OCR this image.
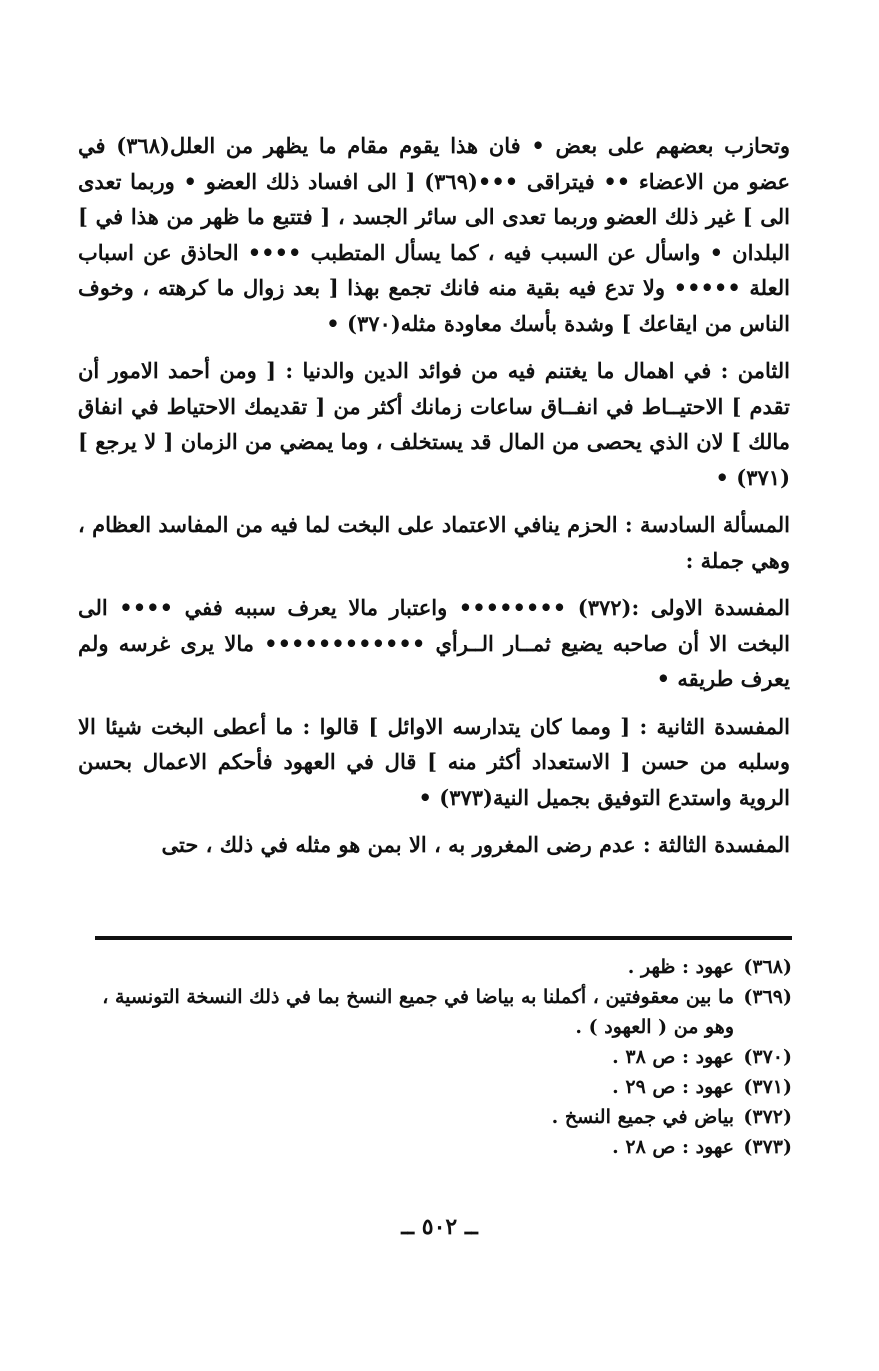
وتحازب بعضهم على بعض • فان هذا يقوم مقام ما يظهر من العلل(٣٦٨) في عضو من الاعضاء •• فيتراقى •••(٣٦٩) [ الى افساد ذلك العضو • وربما تعدى الى ] غير ذلك العضو وربما تعدى الى سائر الجسد ، [ فتتبع ما ظهر من هذا في ] البلدان • واسأل عن السبب فيه ، كما يسأل المتطبب •••• الحاذق عن اسباب العلة ••••• ولا تدع فيه بقية منه فانك تجمع بهذا [ بعد زوال ما كرهته ، وخوف الناس من ايقاعك ] وشدة بأسك معاودة مثله(٣٧٠) •

الثامن : في اهمال ما يغتنم فيه من فوائد الدين والدنيا : [ ومن أحمد الامور أن تقدم ] الاحتيــاط في انفــاق ساعات زمانك أكثر من [ تقديمك الاحتياط في انفاق مالك ] لان الذي يحصى من المال قد يستخلف ، وما يمضي من الزمان [ لا يرجع ](٣٧١) •

المسألة السادسة : الحزم ينافي الاعتماد على البخت لما فيه من المفاسد العظام ، وهي جملة :

المفسدة الاولى :(٣٧٢) •••••••• واعتبار مالا يعرف سببه ففي •••• الى البخت الا أن صاحبه يضيع ثمــار الــرأي •••••••••••• مالا يرى غرسه ولم يعرف طريقه •

المفسدة الثانية : [ ومما كان يتدارسه الاوائل ] قالوا : ما أعطى البخت شيئا الا وسلبه من حسن [ الاستعداد أكثر منه ] قال في العهود فأحكم الاعمال بحسن الروية واستدع التوفيق بجميل النية(٣٧٣) •

المفسدة الثالثة : عدم رضى المغرور به ، الا بمن هو مثله في ذلك ، حتى

(٣٦٨)
عهود : ظهر .
(٣٦٩)
ما بين معقوفتين ، أكملنا به بياضا في جميع النسخ بما في ذلك النسخة التونسية ، وهو من ( العهود ) .
(٣٧٠)
عهود : ص ٣٨ .
(٣٧١)
عهود : ص ٢٩ .
(٣٧٢)
بياض في جميع النسخ .
(٣٧٣)
عهود : ص ٢٨ .
ــ ٥٠٢ ــ
